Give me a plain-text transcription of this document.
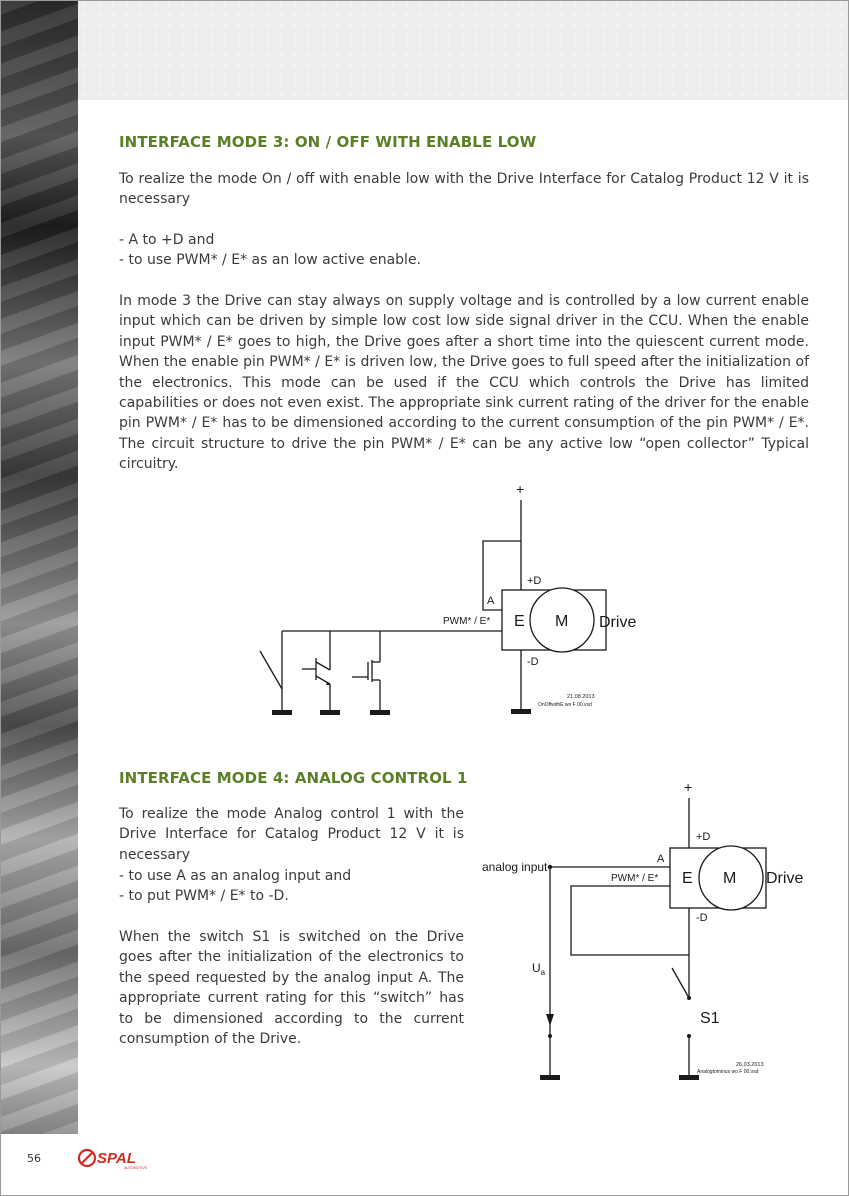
INTERFACE MODE 3: ON / OFF WITH ENABLE LOW

To realize the mode On / off with enable low with the Drive Interface for Catalog Product 12 V it is necessary

- A to +D and
- to use PWM* / E* as an low active enable.

In mode 3 the Drive can stay always on supply voltage and is controlled by a low current enable input which can be driven by simple low cost low side signal driver in the CCU. When the enable input PWM* / E* goes to high, the Drive goes after a short time into the quiescent current mode. When the enable pin PWM* / E* is driven low, the Drive goes to full speed after the initialization of the electronics. This mode can be used if the CCU which controls the Drive has limited capabilities or does not even exist. The appropriate sink current rating of the driver for the enable pin PWM* / E* has to be dimensioned according to the current consumption of the pin PWM* / E*. The circuit structure to drive the pin PWM* / E* can be any active low “open collector” Typical circuitry.

+
+D
A
PWM* / E* E M Drive
-D
21.08.2013
OnOffwithE wo F 00.vsd
INTERFACE MODE 4: ANALOG CONTROL 1

To realize the mode Analog control 1 with the Drive Interface for Catalog Product 12 V it is necessary

- to use A as an analog input and
- to put PWM* / E* to -D.

When the switch S1 is switched on the Drive goes after the initialization of the electronics to the speed requested by the analog input A. The appropriate current rating for this “switch” has to be dimensioned according to the current consumption of the Drive.

+
+D
A
analog input
PWM* / E* E M Drive
-D
$U_a$
S1
26.03.2013
Analogtominus wo F 00.vsd
56	SPAL
AUTOMOTIVE
